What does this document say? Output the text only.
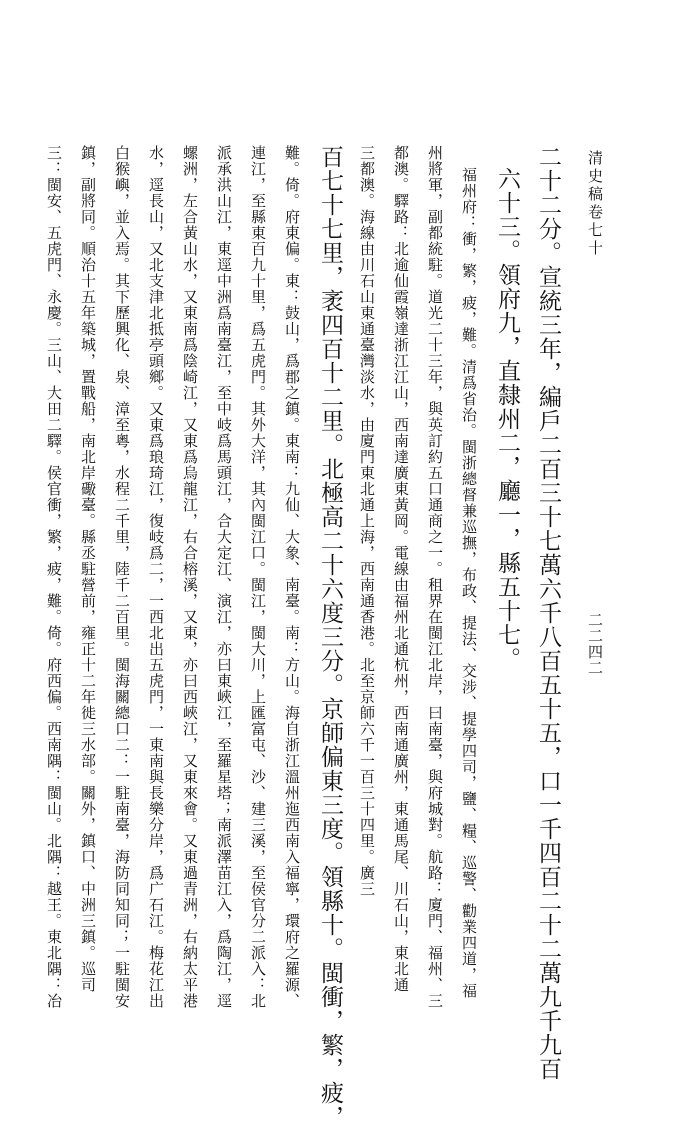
清史稿卷七十
二二四二
二十二分。宣統三年，編戶二百三十七萬六千八百五十五，口一千四百二十二萬九千九百
六十三。領府九，直隸州二，廳一，縣五十七。
福州府：衝，繁，疲，難。清爲省治。閩浙總督兼巡撫，布政、提法、交涉、提學四司，鹽、糧、巡警、勸業四道，福
州將軍，副都統駐。道光二十三年，與英訂約五口通商之一。租界在閩江北岸，曰南臺，與府城對。航路：廈門、福州、三
都澳。驛路：北逾仙霞嶺達浙江江山，西南達廣東黃岡。電線由福州北通杭州，西南通廣州，東通馬尾、川石山，東北通
三都澳。海線由川石山東通臺灣淡水，由廈門東北通上海，西南通香港。北至京師六千一百三十四里。廣三
百七十七里，袤四百十二里。北極高二十六度三分。京師偏東三度。領縣十。閩衝，繁，疲，
難。倚。府東偏。東：鼓山，爲郡之鎮。東南：九仙、大象、南臺。南：方山。海自浙江溫州迤西南入福寧，環府之羅源、
連江，至縣東百九十里，爲五虎門。其外大洋，其內閩江口。閩江，閩大川，上匯富屯、沙、建三溪，至侯官分二派入：北
派承洪山江，東逕中洲爲南臺江，至中岐爲馬頭江，合大定江、演江，亦曰東峽江，至羅星塔；南派澤苗江入，爲陶江，逕
螺洲，左合黃山水，又東南爲陰崎江，又東爲烏龍江，右合榕溪，又東，亦曰西峽江，又東來會。又東過青洲，右納太平港
水，逕長山，又北支津北抵亭頭鄉。又東爲琅琦江，復岐爲二，一西北出五虎門，一東南與長樂分岸，爲广石江。梅花江出
白猴嶼，並入焉。其下歷興化、泉、漳至粵，水程二千里，陸千二百里。閩海關總口二：一駐南臺，海防同知同；一駐閩安
鎮，副將同。順治十五年築城，置戰船，南北岸礮臺。縣丞駐營前，雍正十二年徙三水部。關外，鎮口、中洲三鎮。巡司
三：閩安、五虎門、永慶。三山、大田二驛。侯官衝，繁，疲，難。倚。府西偏。西南隅：閩山。北隅：越王。東北隅：冶
